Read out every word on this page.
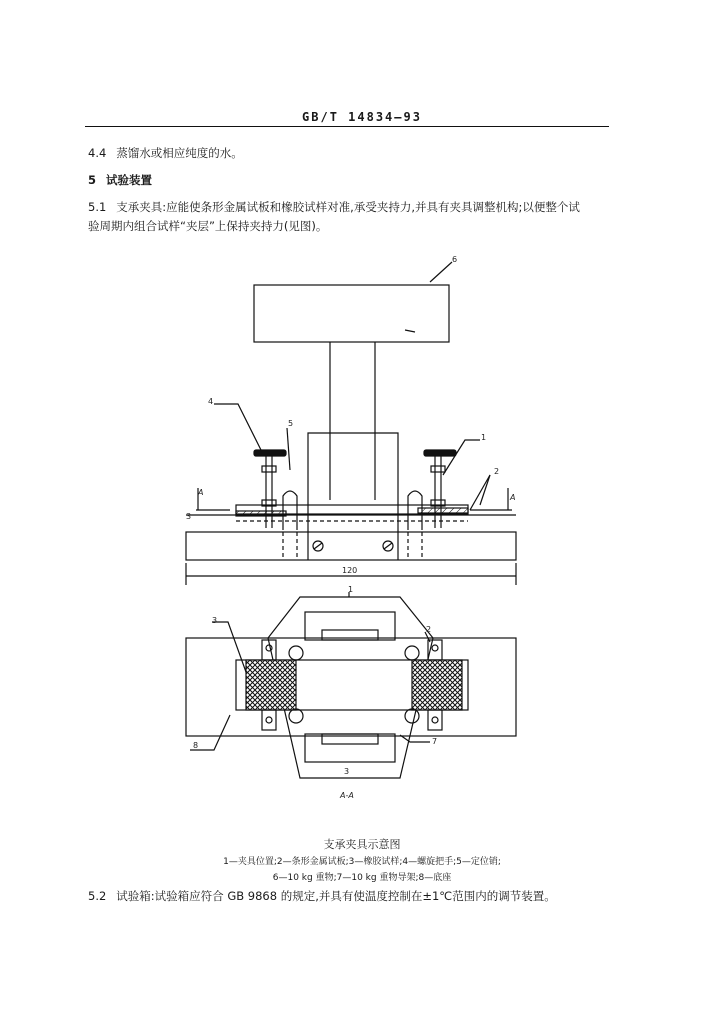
GB/T 14834—93
4.4 蒸馏水或相应纯度的水。
5 试验装置
5.1 支承夹具:应能使条形金属试板和橡胶试样对准,承受夹持力,并具有夹具调整机构;以便整个试
验周期内组合试样“夹层”上保持夹持力(见图)。
6
4
5
1
2
3
A
A
120
1
3
2
8	7
3
A-A
支承夹具示意图
1—夹具位置;2—条形金属试板;3—橡胶试样;4—螺旋把手;5—定位销;
6—10 kg 重物;7—10 kg 重物导架;8—底座
5.2 试验箱:试验箱应符合 GB 9868 的规定,并具有使温度控制在±1℃范围内的调节装置。
